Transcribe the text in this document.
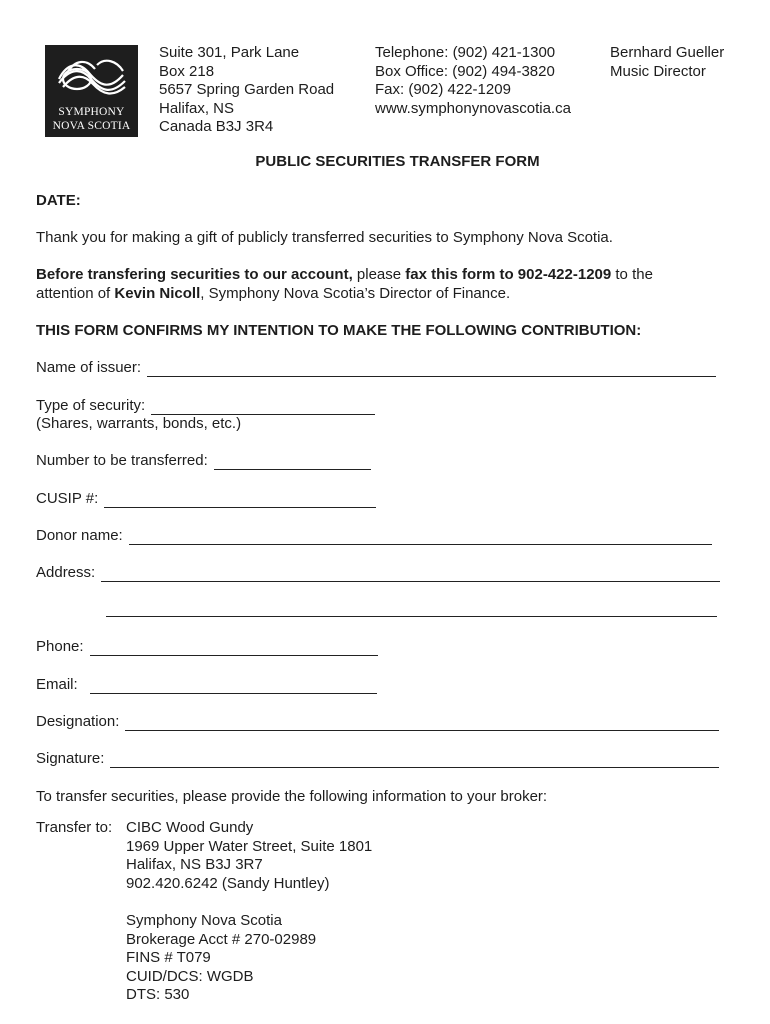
SYMPHONY
NOVA SCOTIA
Suite 301, Park Lane
Box 218
5657 Spring Garden Road
Halifax, NS
Canada B3J 3R4
Telephone: (902) 421-1300
Box Office: (902) 494-3820
Fax: (902) 422-1209
www.symphonynovascotia.ca
Bernhard Gueller
Music Director
PUBLIC SECURITIES TRANSFER FORM
DATE:
Thank you for making a gift of publicly transferred securities to Symphony Nova Scotia.
Before transfering securities to our account, please fax this form to 902-422-1209 to the
attention of Kevin Nicoll, Symphony Nova Scotia’s Director of Finance.
THIS FORM CONFIRMS MY INTENTION TO MAKE THE FOLLOWING CONTRIBUTION:
Name of issuer:
Type of security:
(Shares, warrants, bonds, etc.)
Number to be transferred:
CUSIP #:
Donor name:
Address:
Phone:
Email:
Designation:
Signature:
To transfer securities, please provide the following information to your broker:
Transfer to: CIBC Wood Gundy
1969 Upper Water Street, Suite 1801
Halifax, NS B3J 3R7
902.420.6242 (Sandy Huntley)
Symphony Nova Scotia
Brokerage Acct # 270-02989
FINS # T079
CUID/DCS: WGDB
DTS: 530
